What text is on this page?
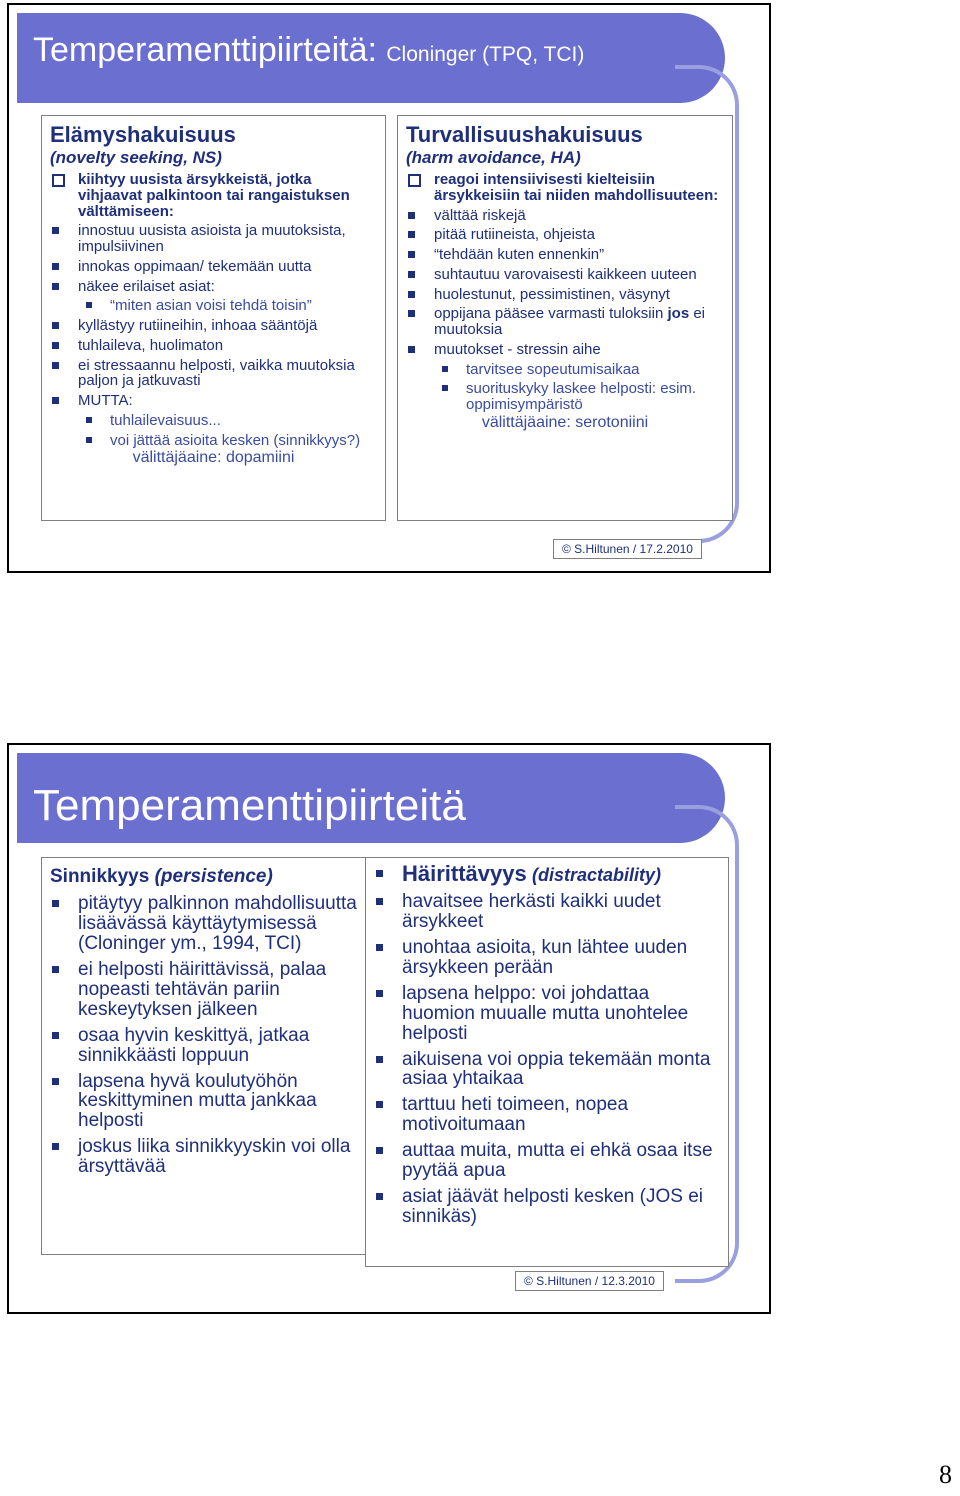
Temperamenttipiirteitä: Cloninger (TPQ, TCI)
Elämyshakuisuus
(novelty seeking, NS)
kiihtyy uusista ärsykkeistä, jotka vihjaavat palkintoon tai rangaistuksen välttämiseen:
innostuu uusista asioista ja muutoksista, impulsiivinen
innokas oppimaan/ tekemään uutta
näkee erilaiset asiat:
“miten asian voisi tehdä toisin”
kyllästyy rutiineihin, inhoaa sääntöjä
tuhlaileva, huolimaton
ei stressaannu helposti, vaikka muutoksia paljon ja jatkuvasti
MUTTA:
tuhlailevaisuus...
voi jättää asioita kesken (sinnikkyys?)
välittäjäaine: dopamiini
Turvallisuushakuisuus
(harm avoidance, HA)
reagoi intensiivisesti kielteisiin ärsykkeisiin tai niiden mahdollisuuteen:
välttää riskejä
pitää rutiineista, ohjeista
“tehdään kuten ennenkin”
suhtautuu varovaisesti kaikkeen uuteen
huolestunut, pessimistinen, väsynyt
oppijana pääsee varmasti tuloksiin jos ei muutoksia
muutokset - stressin aihe
tarvitsee sopeutumisaikaa
suorituskyky laskee helposti: esim. oppimisympäristö
välittäjäaine: serotoniini
© S.Hiltunen / 17.2.2010
Temperamenttipiirteitä
Sinnikkyys (persistence)
pitäytyy palkinnon mahdollisuutta lisäävässä käyttäytymisessä (Cloninger ym., 1994, TCI)
ei helposti häirittävissä, palaa nopeasti tehtävän pariin keskeytyksen jälkeen
osaa hyvin keskittyä, jatkaa sinnikkäästi loppuun
lapsena hyvä koulutyöhön keskittyminen mutta jankkaa helposti
joskus liika sinnikkyyskin voi olla ärsyttävää
Häirittävyys (distractability)
havaitsee herkästi kaikki uudet ärsykkeet
unohtaa asioita, kun lähtee uuden ärsykkeen perään
lapsena helppo: voi johdattaa huomion muualle mutta unohtelee helposti
aikuisena voi oppia tekemään monta asiaa yhtaikaa
tarttuu heti toimeen, nopea motivoitumaan
auttaa muita, mutta ei ehkä osaa itse pyytää apua
asiat jäävät helposti kesken (JOS ei sinnikäs)
© S.Hiltunen / 12.3.2010
8
